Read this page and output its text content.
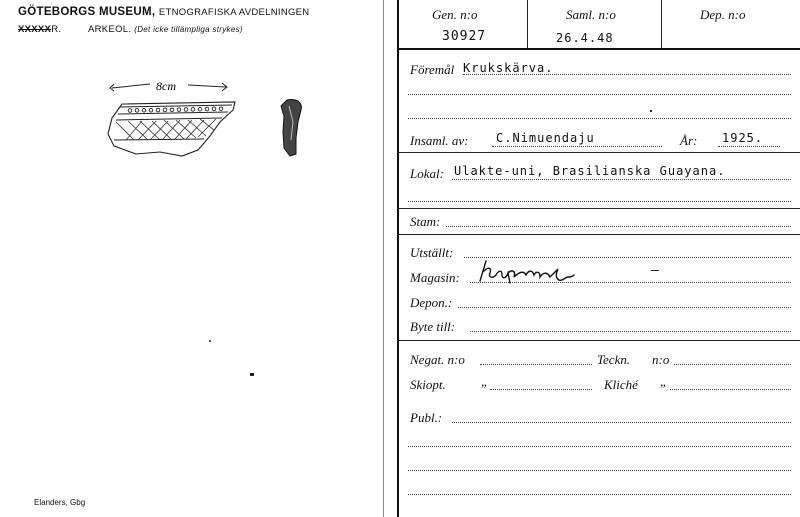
GÖTEBORGS MUSEUM, ETNOGRAFISKA AVDELNINGEN
XXXXXR.	ARKEOL. (Det icke tillämpliga strykes)
8cm
Elanders, Gbg
Gen. n:o
30927
Saml. n:o
26.4.48
Dep. n:o
Föremål Krukskärva.
Insaml. av: C.Nimuendaju	År: 1925.
Lokal: Ulakte-uni, Brasilianska Guayana.
Stam:
Utställt:
Magasin:
Depon.:
Byte till:
Negat. n:o	Teckn. n:o
Skiopt.	„	Kliché „
Publ.:
